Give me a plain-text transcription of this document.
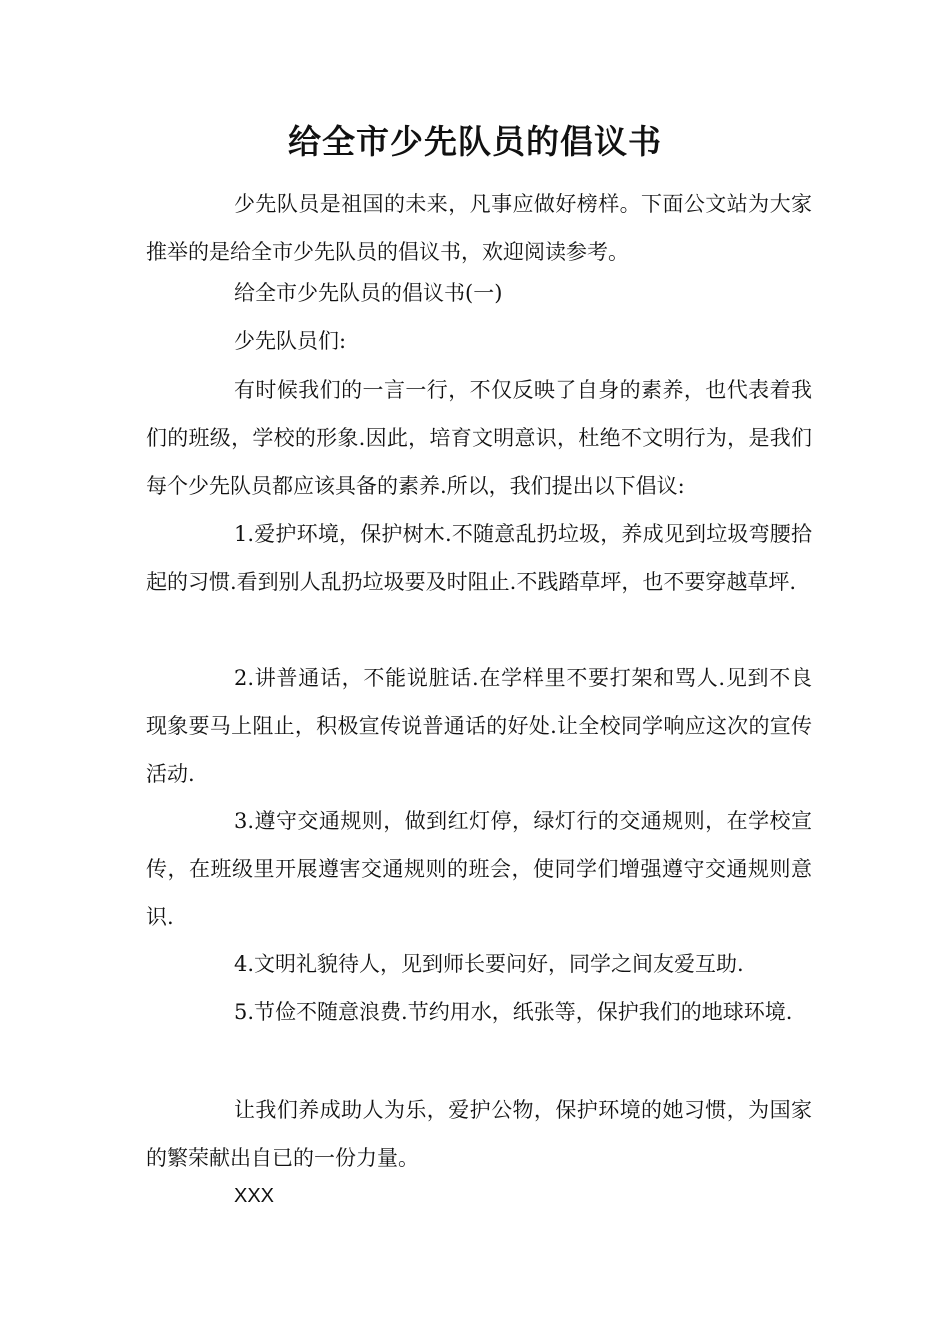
给全市少先队员的倡议书
少先队员是祖国的未来，凡事应做好榜样。下面公文站为大家推举的是给全市少先队员的倡议书，欢迎阅读参考。
给全市少先队员的倡议书(一)
少先队员们:
有时候我们的一言一行，不仅反映了自身的素养，也代表着我们的班级，学校的形象.因此，培育文明意识，杜绝不文明行为，是我们每个少先队员都应该具备的素养.所以，我们提出以下倡议:
1.爱护环境，保护树木.不随意乱扔垃圾，养成见到垃圾弯腰拾起的习惯.看到别人乱扔垃圾要及时阻止.不践踏草坪，也不要穿越草坪.
2.讲普通话，不能说脏话.在学样里不要打架和骂人.见到不良现象要马上阻止，积极宣传说普通话的好处.让全校同学响应这次的宣传活动.
3.遵守交通规则，做到红灯停，绿灯行的交通规则，在学校宣传，在班级里开展遵害交通规则的班会，使同学们增强遵守交通规则意识.
4.文明礼貌待人，见到师长要问好，同学之间友爱互助.
5.节俭不随意浪费.节约用水，纸张等，保护我们的地球环境.
让我们养成助人为乐，爱护公物，保护环境的她习惯，为国家的繁荣献出自已的一份力量。
XXX
